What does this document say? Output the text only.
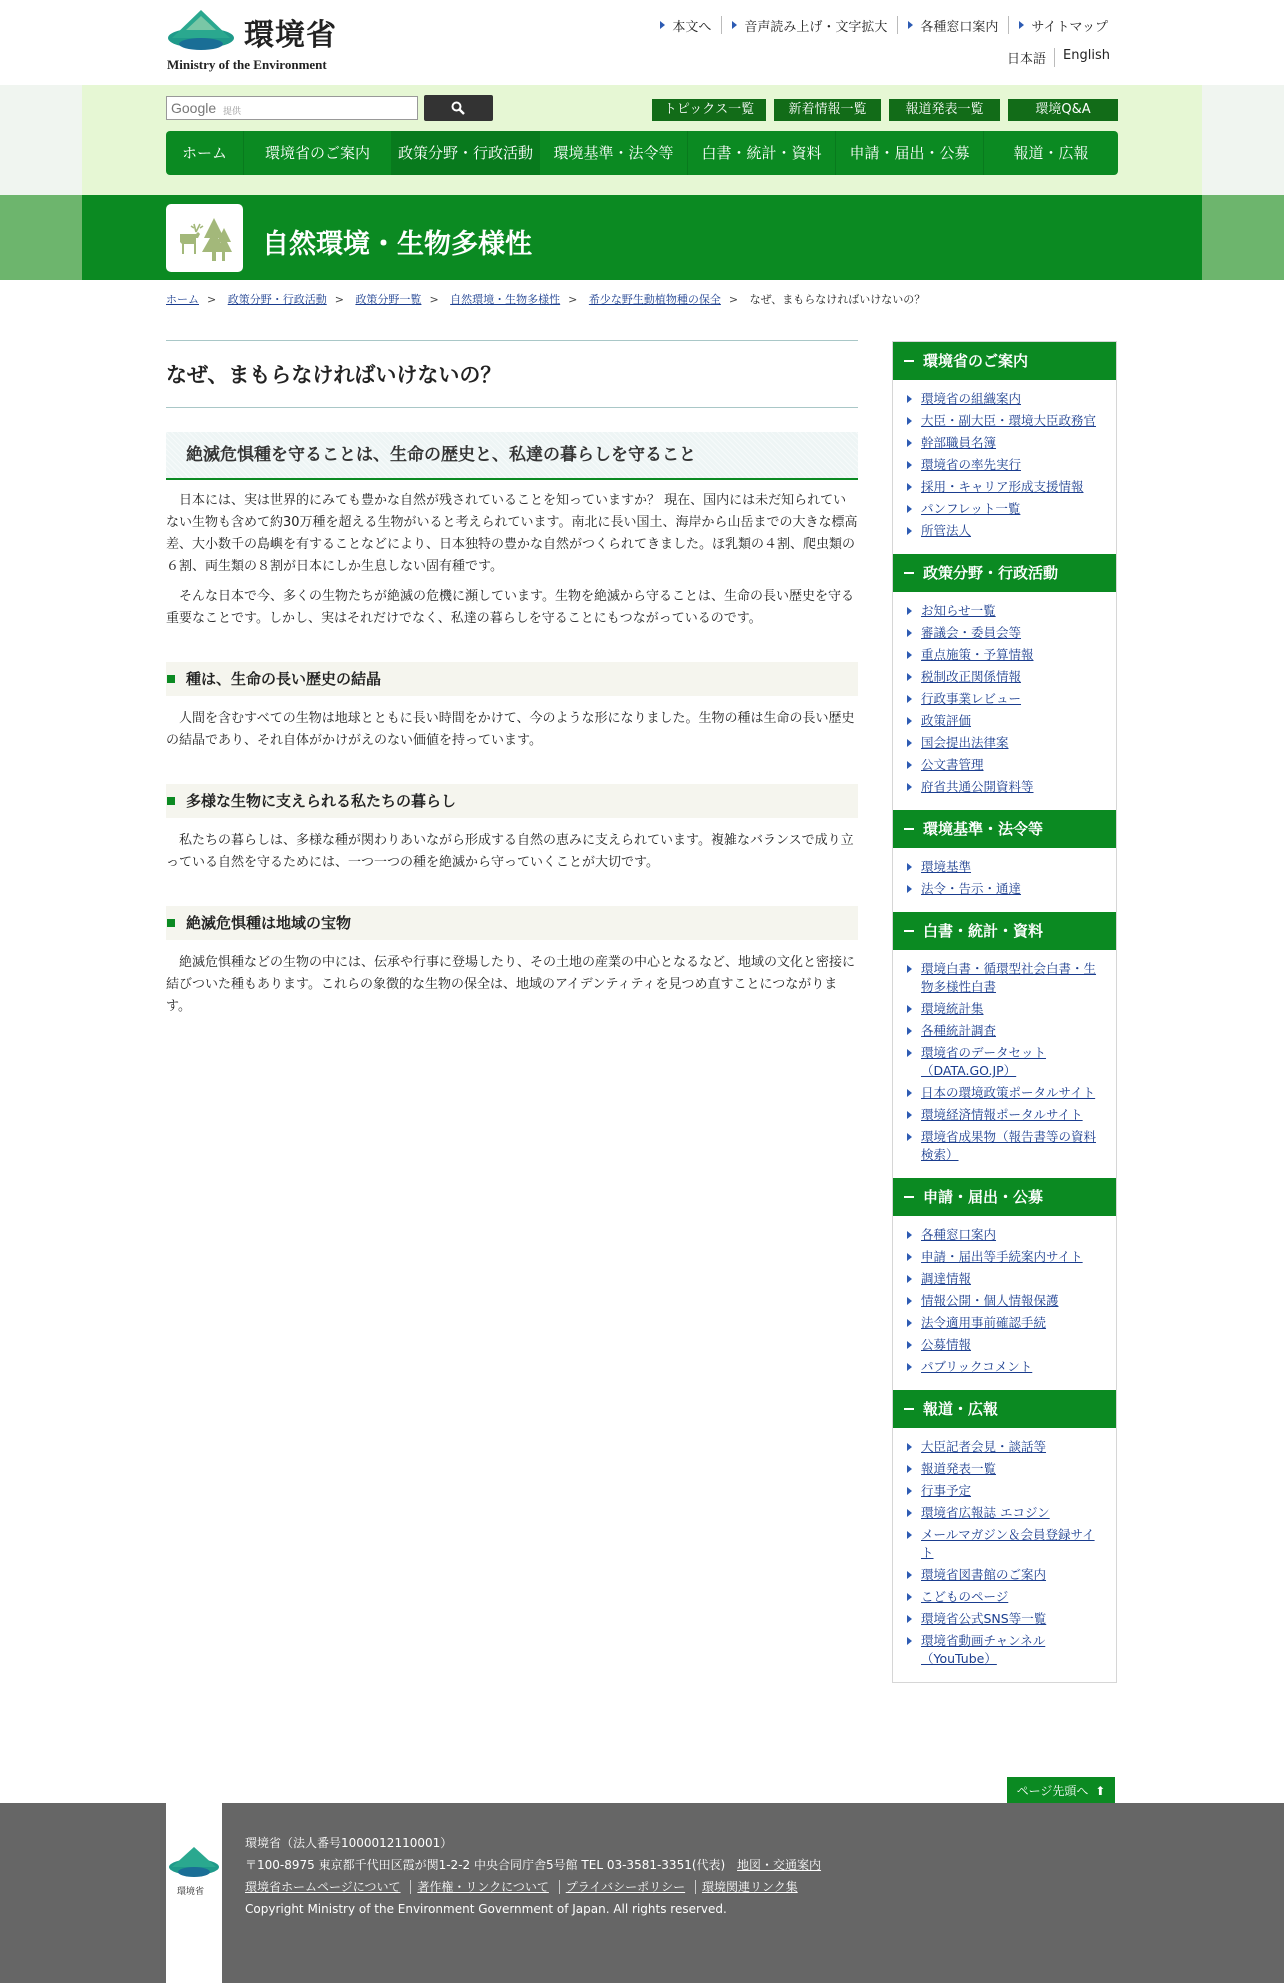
環境省
Ministry of the Environment
本文へ	音声読み上げ・文字拡大	各種窓口案内	サイトマップ
日本語	English
Google 提供	トピックス一覧	新着情報一覧	報道発表一覧	環境Q&A
ホーム	環境省のご案内	政策分野・行政活動	環境基準・法令等	白書・統計・資料	申請・届出・公募	報道・広報
自然環境・生物多様性
ホーム > 政策分野・行政活動 > 政策分野一覧 > 自然環境・生物多様性 > 希少な野生動植物種の保全 > なぜ、まもらなければいけないの？
なぜ、まもらなければいけないの？
絶滅危惧種を守ることは、生命の歴史と、私達の暮らしを守ること

日本には、実は世界的にみても豊かな自然が残されていることを知っていますか？ 現在、国内には未だ知られていない生物も含めて約30万種を超える生物がいると考えられています。南北に長い国土、海岸から山岳までの大きな標高差、大小数千の島嶼を有することなどにより、日本独特の豊かな自然がつくられてきました。ほ乳類の４割、爬虫類の６割、両生類の８割が日本にしか生息しない固有種です。

そんな日本で今、多くの生物たちが絶滅の危機に瀕しています。生物を絶滅から守ることは、生命の長い歴史を守る重要なことです。しかし、実はそれだけでなく、私達の暮らしを守ることにもつながっているのです。

種は、生命の長い歴史の結晶

人間を含むすべての生物は地球とともに長い時間をかけて、今のような形になりました。生物の種は生命の長い歴史の結晶であり、それ自体がかけがえのない価値を持っています。

多様な生物に支えられる私たちの暮らし

私たちの暮らしは、多様な種が関わりあいながら形成する自然の恵みに支えられています。複雑なバランスで成り立っている自然を守るためには、一つ一つの種を絶滅から守っていくことが大切です。

絶滅危惧種は地域の宝物

絶滅危惧種などの生物の中には、伝承や行事に登場したり、その土地の産業の中心となるなど、地域の文化と密接に結びついた種もあります。これらの象徴的な生物の保全は、地域のアイデンティティを見つめ直すことにつながります。

環境省のご案内
環境省の組織案内
大臣・副大臣・環境大臣政務官
幹部職員名簿
環境省の率先実行
採用・キャリア形成支援情報
パンフレット一覧
所管法人
政策分野・行政活動
お知らせ一覧
審議会・委員会等
重点施策・予算情報
税制改正関係情報
行政事業レビュー
政策評価
国会提出法律案
公文書管理
府省共通公開資料等
環境基準・法令等
環境基準
法令・告示・通達
白書・統計・資料
環境白書・循環型社会白書・生物多様性白書
環境統計集
各種統計調査
環境省のデータセット（DATA.GO.JP）
日本の環境政策ポータルサイト
環境経済情報ポータルサイト
環境省成果物（報告書等の資料検索）
申請・届出・公募
各種窓口案内
申請・届出等手続案内サイト
調達情報
情報公開・個人情報保護
法令適用事前確認手続
公募情報
パブリックコメント
報道・広報
大臣記者会見・談話等
報道発表一覧
行事予定
環境省広報誌 エコジン
メールマガジン＆会員登録サイト
環境省図書館のご案内
こどものページ
環境省公式SNS等一覧
環境省動画チャンネル（YouTube）
ページ先頭へ ⬆
環境省
環境省（法人番号1000012110001）
〒100-8975 東京都千代田区霞が関1-2-2 中央合同庁舎5号館 TEL 03-3581-3351(代表) 地図・交通案内
環境省ホームページについて 著作権・リンクについて プライバシーポリシー 環境関連リンク集
Copyright Ministry of the Environment Government of Japan. All rights reserved.
